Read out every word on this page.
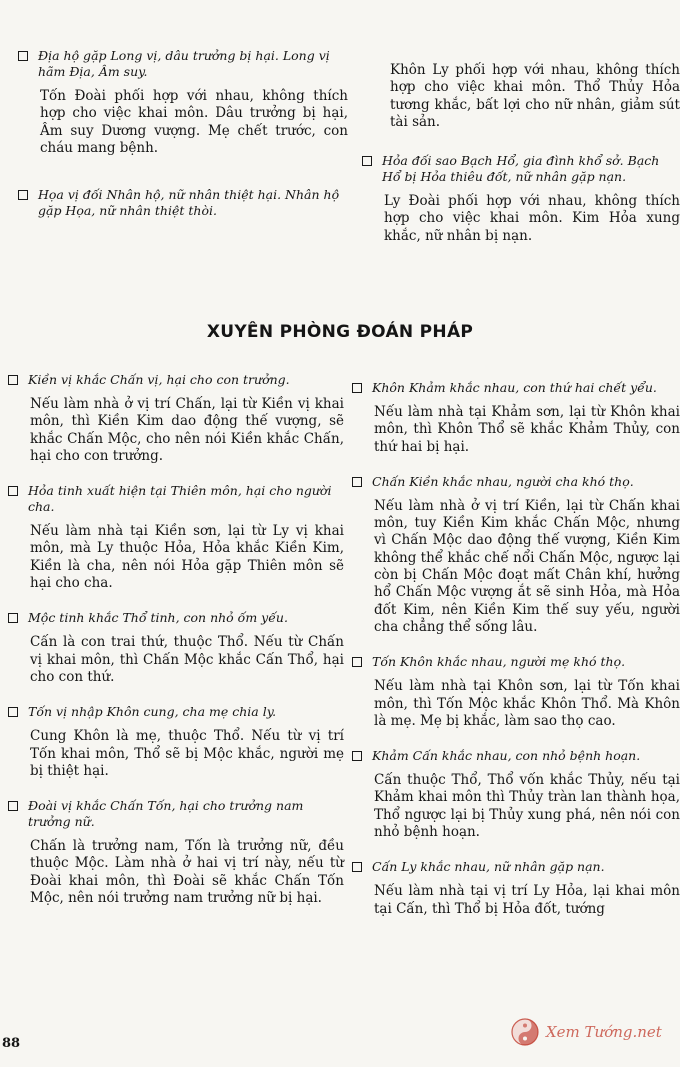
Địa hộ gặp Long vị, dâu trưởng bị hại. Long vị hãm Địa, Âm suy.
Tốn Đoài phối hợp với nhau, không thích hợp cho việc khai môn. Dâu trưởng bị hại, Âm suy Dương vượng. Mẹ chết trước, con cháu mang bệnh.
Họa vị đối Nhân hộ, nữ nhân thiệt hại. Nhân hộ gặp Họa, nữ nhân thiệt thòi.
Khôn Ly phối hợp với nhau, không thích hợp cho việc khai môn. Thổ Thủy Hỏa tương khắc, bất lợi cho nữ nhân, giảm sút tài sản.
Hỏa đối sao Bạch Hổ, gia đình khổ sở. Bạch Hổ bị Hỏa thiêu đốt, nữ nhân gặp nạn.
Ly Đoài phối hợp với nhau, không thích hợp cho việc khai môn. Kim Hỏa xung khắc, nữ nhân bị nạn.
XUYÊN PHÒNG ĐOÁN PHÁP
Kiền vị khắc Chấn vị, hại cho con trưởng.
Nếu làm nhà ở vị trí Chấn, lại từ Kiền vị khai môn, thì Kiền Kim dao động thế vượng, sẽ khắc Chấn Mộc, cho nên nói Kiền khắc Chấn, hại cho con trưởng.
Hỏa tinh xuất hiện tại Thiên môn, hại cho người cha.
Nếu làm nhà tại Kiền sơn, lại từ Ly vị khai môn, mà Ly thuộc Hỏa, Hỏa khắc Kiền Kim, Kiền là cha, nên nói Hỏa gặp Thiên môn sẽ hại cho cha.
Mộc tinh khắc Thổ tinh, con nhỏ ốm yếu.
Cấn là con trai thứ, thuộc Thổ. Nếu từ Chấn vị khai môn, thì Chấn Mộc khắc Cấn Thổ, hại cho con thứ.
Tốn vị nhập Khôn cung, cha mẹ chia ly.
Cung Khôn là mẹ, thuộc Thổ. Nếu từ vị trí Tốn khai môn, Thổ sẽ bị Mộc khắc, người mẹ bị thiệt hại.
Đoài vị khắc Chấn Tốn, hại cho trưởng nam trưởng nữ.
Chấn là trưởng nam, Tốn là trưởng nữ, đều thuộc Mộc. Làm nhà ở hai vị trí này, nếu từ Đoài khai môn, thì Đoài sẽ khắc Chấn Tốn Mộc, nên nói trưởng nam trưởng nữ bị hại.
Khôn Khảm khắc nhau, con thứ hai chết yểu.
Nếu làm nhà tại Khảm sơn, lại từ Khôn khai môn, thì Khôn Thổ sẽ khắc Khảm Thủy, con thứ hai bị hại.
Chấn Kiền khắc nhau, người cha khó thọ.
Nếu làm nhà ở vị trí Kiền, lại từ Chấn khai môn, tuy Kiền Kim khắc Chấn Mộc, nhưng vì Chấn Mộc dao động thế vượng, Kiền Kim không thể khắc chế nổi Chấn Mộc, ngược lại còn bị Chấn Mộc đoạt mất Chân khí, hưởng hổ Chấn Mộc vượng ắt sẽ sinh Hỏa, mà Hỏa đốt Kim, nên Kiền Kim thế suy yếu, người cha chẳng thể sống lâu.
Tốn Khôn khắc nhau, người mẹ khó thọ.
Nếu làm nhà tại Khôn sơn, lại từ Tốn khai môn, thì Tốn Mộc khắc Khôn Thổ. Mà Khôn là mẹ. Mẹ bị khắc, làm sao thọ cao.
Khảm Cấn khắc nhau, con nhỏ bệnh hoạn.
Cấn thuộc Thổ, Thổ vốn khắc Thủy, nếu tại Khảm khai môn thì Thủy tràn lan thành họa, Thổ ngược lại bị Thủy xung phá, nên nói con nhỏ bệnh hoạn.
Cấn Ly khắc nhau, nữ nhân gặp nạn.
Nếu làm nhà tại vị trí Ly Hỏa, lại khai môn tại Cấn, thì Thổ bị Hỏa đốt, tướng
88
Xem Tướng.net
